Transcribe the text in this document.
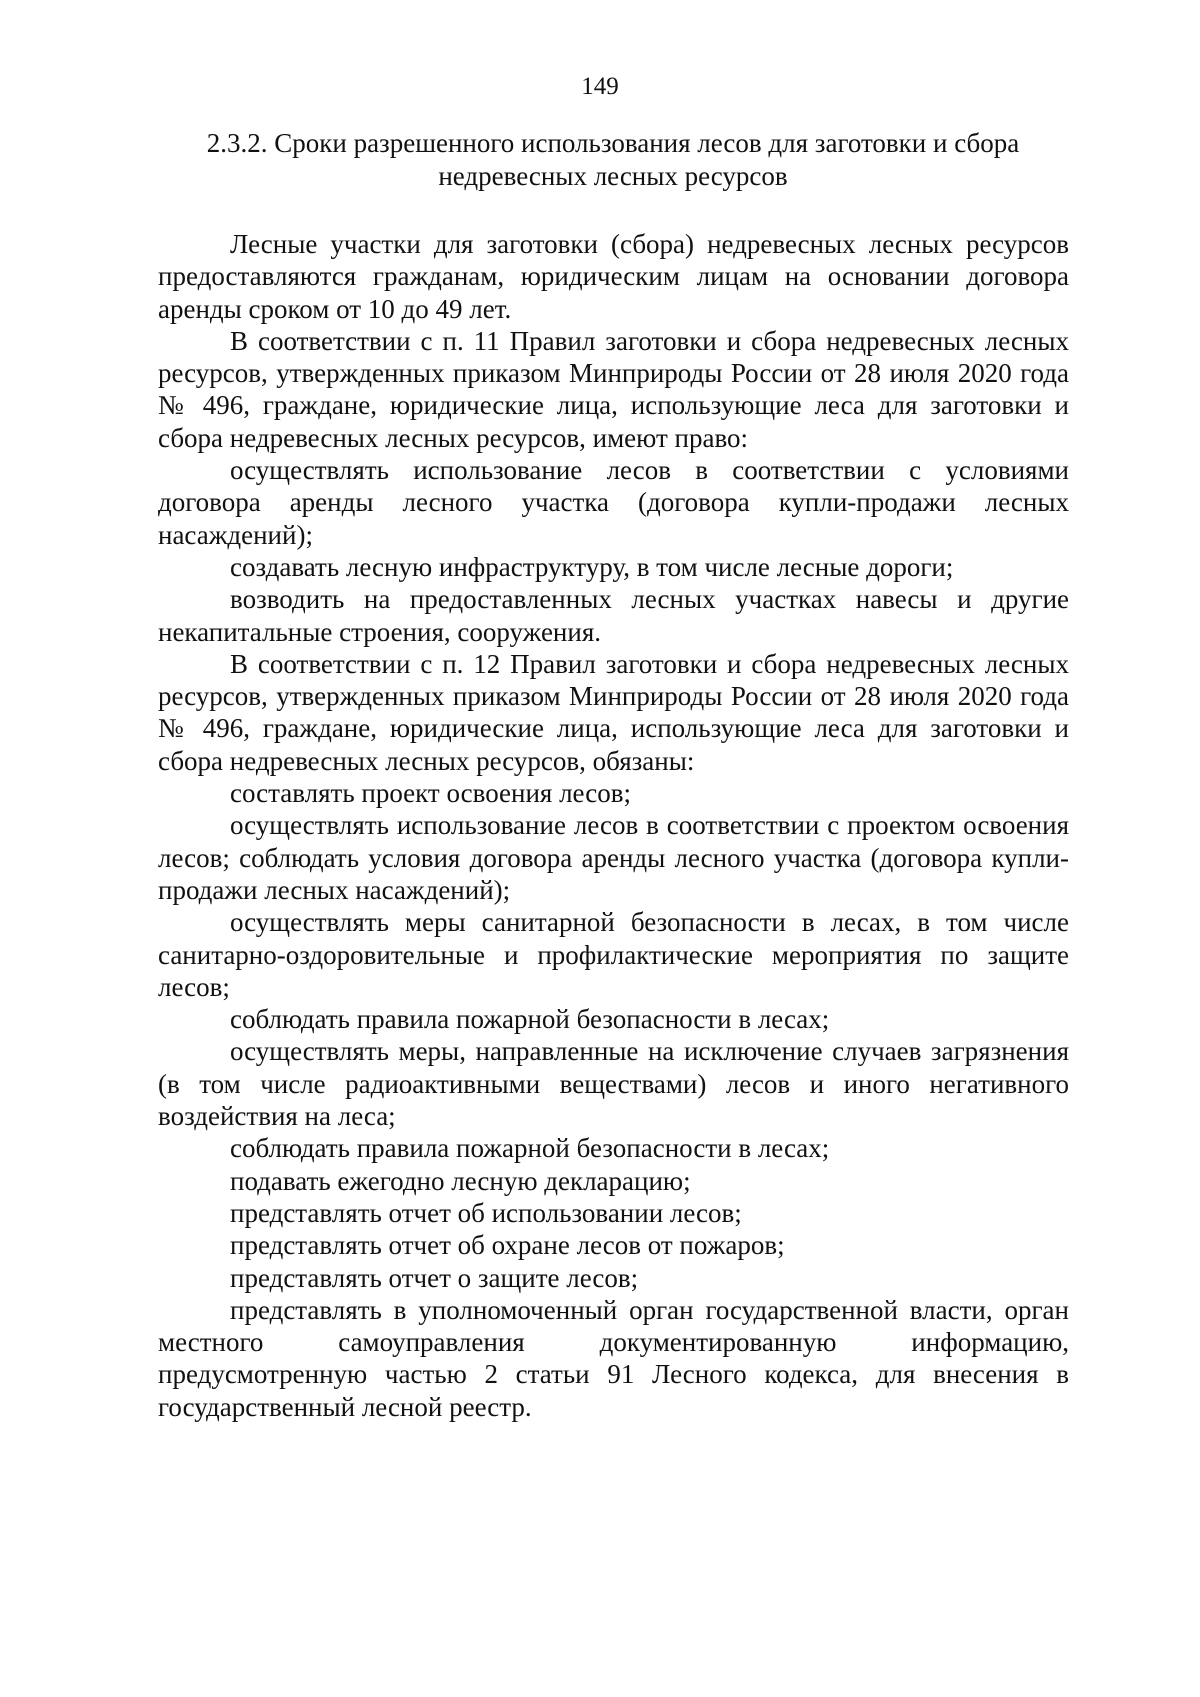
149
2.3.2. Сроки разрешенного использования лесов для заготовки и сбора
недревесных лесных ресурсов

Лесные участки для заготовки (сбора) недревесных лесных ресурсов предоставляются гражданам, юридическим лицам на основании договора аренды сроком от 10 до 49 лет.

В соответствии с п. 11 Правил заготовки и сбора недревесных лесных ресурсов, утвержденных приказом Минприроды России от 28 июля 2020 года № 496, граждане, юридические лица, использующие леса для заготовки и сбора недревесных лесных ресурсов, имеют право:

осуществлять использование лесов в соответствии с условиями договора аренды лесного участка (договора купли-продажи лесных насаждений);

создавать лесную инфраструктуру, в том числе лесные дороги;

возводить на предоставленных лесных участках навесы и другие некапитальные строения, сооружения.

В соответствии с п. 12 Правил заготовки и сбора недревесных лесных ресурсов, утвержденных приказом Минприроды России от 28 июля 2020 года № 496, граждане, юридические лица, использующие леса для заготовки и сбора недревесных лесных ресурсов, обязаны:

составлять проект освоения лесов;

осуществлять использование лесов в соответствии с проектом освоения лесов; соблюдать условия договора аренды лесного участка (договора купли-продажи лесных насаждений);

осуществлять меры санитарной безопасности в лесах, в том числе санитарно-оздоровительные и профилактические мероприятия по защите лесов;

соблюдать правила пожарной безопасности в лесах;

осуществлять меры, направленные на исключение случаев загрязнения (в том числе радиоактивными веществами) лесов и иного негативного воздействия на леса;

соблюдать правила пожарной безопасности в лесах;

подавать ежегодно лесную декларацию;

представлять отчет об использовании лесов;

представлять отчет об охране лесов от пожаров;

представлять отчет о защите лесов;

представлять в уполномоченный орган государственной власти, орган местного самоуправления документированную информацию, предусмотренную частью 2 статьи 91 Лесного кодекса, для внесения в государственный лесной реестр.
